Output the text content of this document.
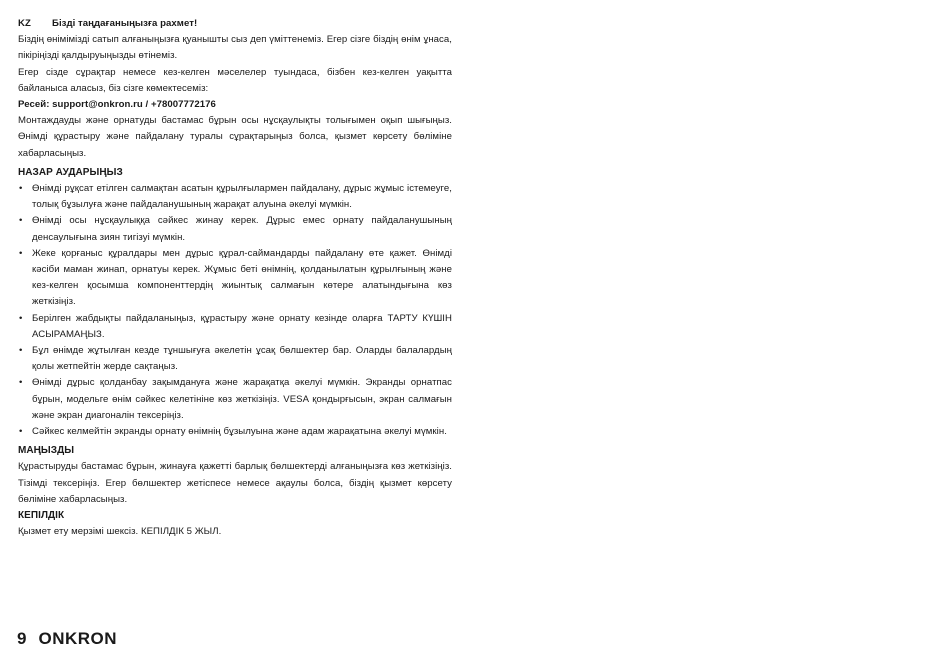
KZ Бізді таңдағаныңызға рахмет!

Біздің өнімімізді сатып алғаныңызға қуанышты сыз деп үміттенеміз. Егер сізге біздің өнім ұнаса, пікіріңізді қалдыруыңызды өтінеміз.

Егер сізде сұрақтар немесе кез-келген мәселелер туындаса, бізбен кез-келген уақытта байланыса аласыз, біз сізге көмектесеміз:

Ресей: support@onkron.ru / +78007772176

Монтаждауды және орнатуды бастамас бұрын осы нұсқаулықты толығымен оқып шығыңыз. Өнімді құрастыру және пайдалану туралы сұрақтарыңыз болса, қызмет көрсету бөліміне хабарласыңыз.

НАЗАР АУДАРЫҢЫЗ
• Өнімді рұқсат етілген салмақтан асатын құрылғылармен пайдалану, дұрыс жұмыс істемеуге, толық бұзылуға және пайдаланушының жарақат алуына әкелуі мүмкін.
• Өнімді осы нұсқаулыққа сәйкес жинау керек. Дұрыс емес орнату пайдаланушының денсаулығына зиян тигізуі мүмкін.
• Жеке қорғаныс құралдары мен дұрыс құрал-саймандарды пайдалану өте қажет. Өнімді кәсіби маман жинап, орнатуы керек. Жұмыс беті өнімнің, қолданылатын құрылғының және кез-келген қосымша компоненттердің жиынтық салмағын көтере алатындығына көз жеткізіңіз.
• Берілген жабдықты пайдаланыңыз, құрастыру және орнату кезінде оларға ТАРТУ КҮШІН АСЫРАМАҢЫЗ.
• Бұл өнімде жұтылған кезде тұншығуға әкелетін ұсақ бөлшектер бар. Оларды балалардың қолы жетпейтін жерде сақтаңыз.
• Өнімді дұрыс қолданбау зақымдануға және жарақатқа әкелуі мүмкін. Экранды орнатпас бұрын, модельге өнім сәйкес келетініне көз жеткізіңіз. VESA қондырғысын, экран салмағын және экран диагоналін тексеріңіз.
• Сәйкес келмейтін экранды орнату өнімнің бұзылуына және адам жарақатына әкелуі мүмкін.
МАҢЫЗДЫ

Құрастыруды бастамас бұрын, жинауға қажетті барлық бөлшектерді алғаныңызға көз жеткізіңіз. Тізімді тексеріңіз. Егер бөлшектер жетіспесе немесе ақаулы болса, біздің қызмет көрсету бөліміне хабарласыңыз.

КЕПІЛДІК

Қызмет ету мерзімі шексіз. КЕПІЛДІК 5 ЖЫЛ.

9 ONKRON
